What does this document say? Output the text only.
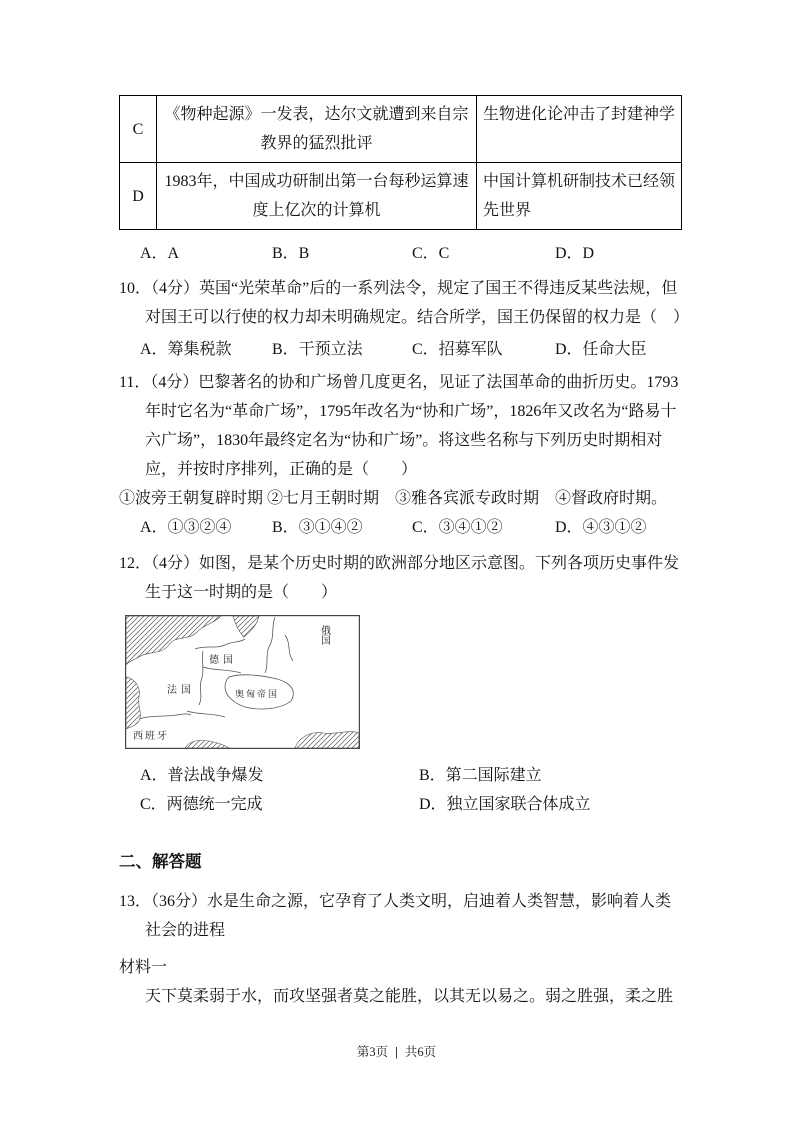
C	《物种起源》一发表，达尔文就遭到来自宗教界的猛烈批评	生物进化论冲击了封建神学
D	1983年，中国成功研制出第一台每秒运算速度上亿次的计算机	中国计算机研制技术已经领先世界
A．A	B．B	C．C	D．D

10．（4分）英国“光荣革命”后的一系列法令，规定了国王不得违反某些法规，但对国王可以行使的权力却未明确规定。结合所学，国王仍保留的权力是（　）

A．筹集税款	B．干预立法	C．招募军队	D．任命大臣

11．（4分）巴黎著名的协和广场曾几度更名，见证了法国革命的曲折历史。1793年时它名为“革命广场”，1795年改名为“协和广场”，1826年又改名为“路易十六广场”，1830年最终定名为“协和广场”。将这些名称与下列历史时期相对应，并按时序排列，正确的是（　　）

①波旁王朝复辟时期 ②七月王朝时期　③雅各宾派专政时期　④督政府时期。

A．①③②④	B．③①④②	C．③④①②	D．④③①②

12．（4分）如图，是某个历史时期的欧洲部分地区示意图。下列各项历史事件发生于这一时期的是（　　）

俄国
德国
法国	奥匈帝国
西班牙
A．普法战争爆发	B．第二国际建立
C．两德统一完成	D．独立国家联合体成立
二、解答题

13．（36分）水是生命之源，它孕育了人类文明，启迪着人类智慧，影响着人类社会的进程

材料一

天下莫柔弱于水，而攻坚强者莫之能胜，以其无以易之。弱之胜强，柔之胜

第3页 | 共6页
